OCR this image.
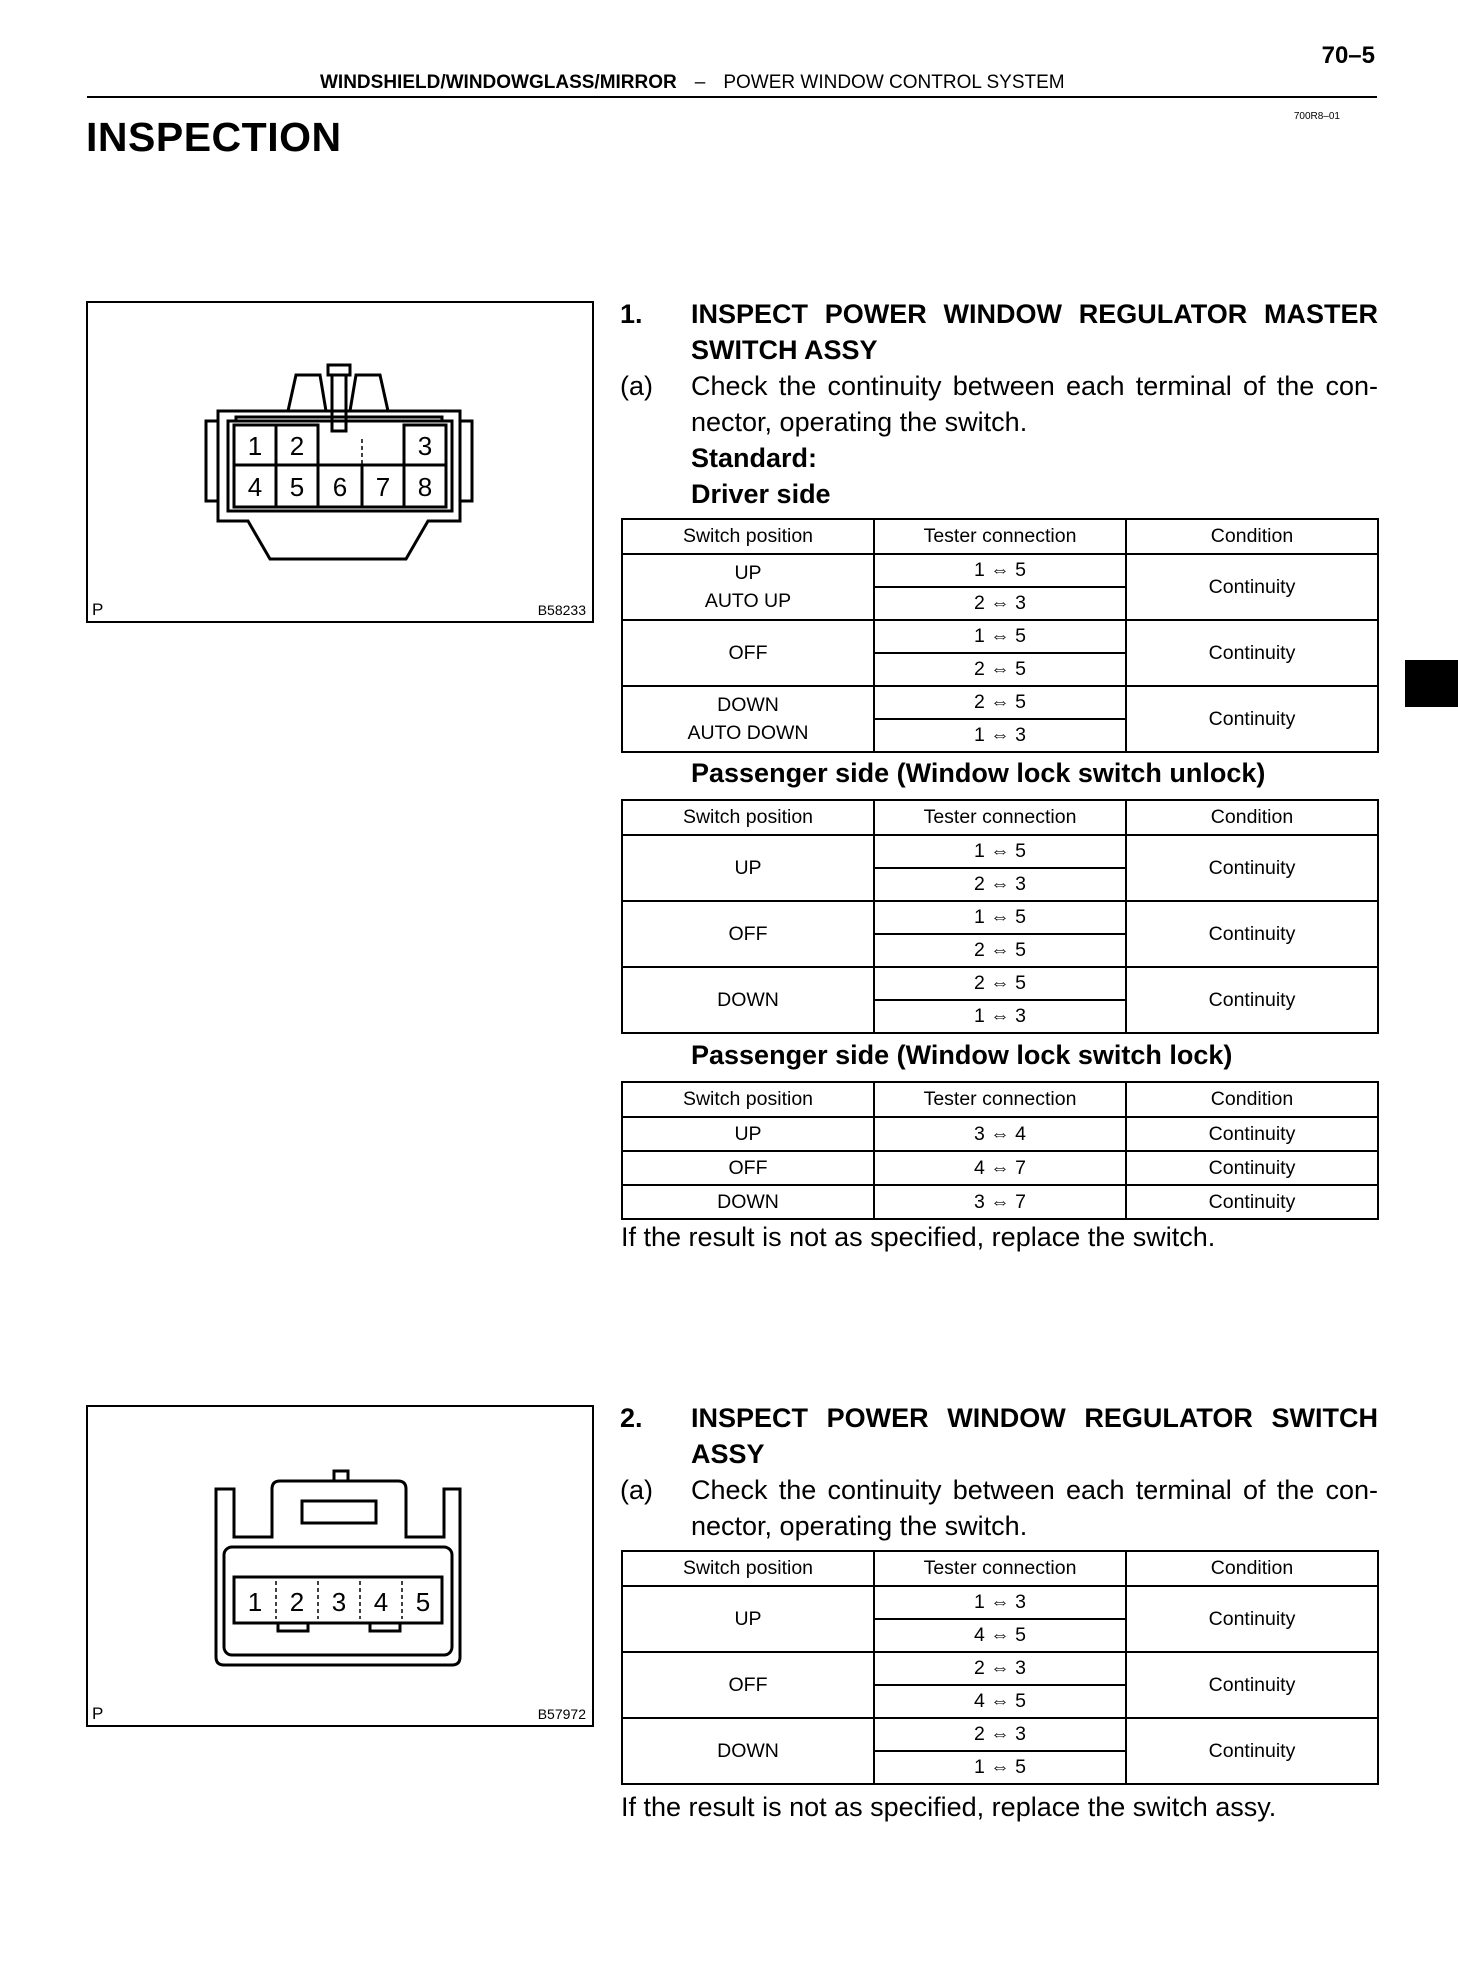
70–5
WINDSHIELD/WINDOWGLASS/MIRROR – POWER WINDOW CONTROL SYSTEM
700R8–01
INSPECTION
1 2	3
4 5 6 7 8
P	B58233
1 2 3 4 5
P	B57972
1. INSPECT POWER WINDOW REGULATOR MASTER
SWITCH ASSY
(a) Check the continuity between each terminal of the con-
nector, operating the switch.
Standard:
Driver side
Switch position	Tester connection	Condition
UP
AUTO UP	1 ⇔ 5	Continuity
	2 ⇔ 3	
OFF	1 ⇔ 5	Continuity
	2 ⇔ 5	
DOWN
AUTO DOWN	2 ⇔ 5	Continuity
	1 ⇔ 3	
Passenger side (Window lock switch unlock)
Switch position	Tester connection	Condition
UP	1 ⇔ 5	Continuity
	2 ⇔ 3	
OFF	1 ⇔ 5	Continuity
	2 ⇔ 5	
DOWN	2 ⇔ 5	Continuity
	1 ⇔ 3	
Passenger side (Window lock switch lock)
Switch position	Tester connection	Condition
UP	3 ⇔ 4	Continuity
OFF	4 ⇔ 7	Continuity
DOWN	3 ⇔ 7	Continuity
If the result is not as specified, replace the switch.
2. INSPECT POWER WINDOW REGULATOR SWITCH
ASSY
(a) Check the continuity between each terminal of the con-
nector, operating the switch.
Switch position	Tester connection	Condition
UP	1 ⇔ 3	Continuity
	4 ⇔ 5	
OFF	2 ⇔ 3	Continuity
	4 ⇔ 5	
DOWN	2 ⇔ 3	Continuity
	1 ⇔ 5	
If the result is not as specified, replace the switch assy.
